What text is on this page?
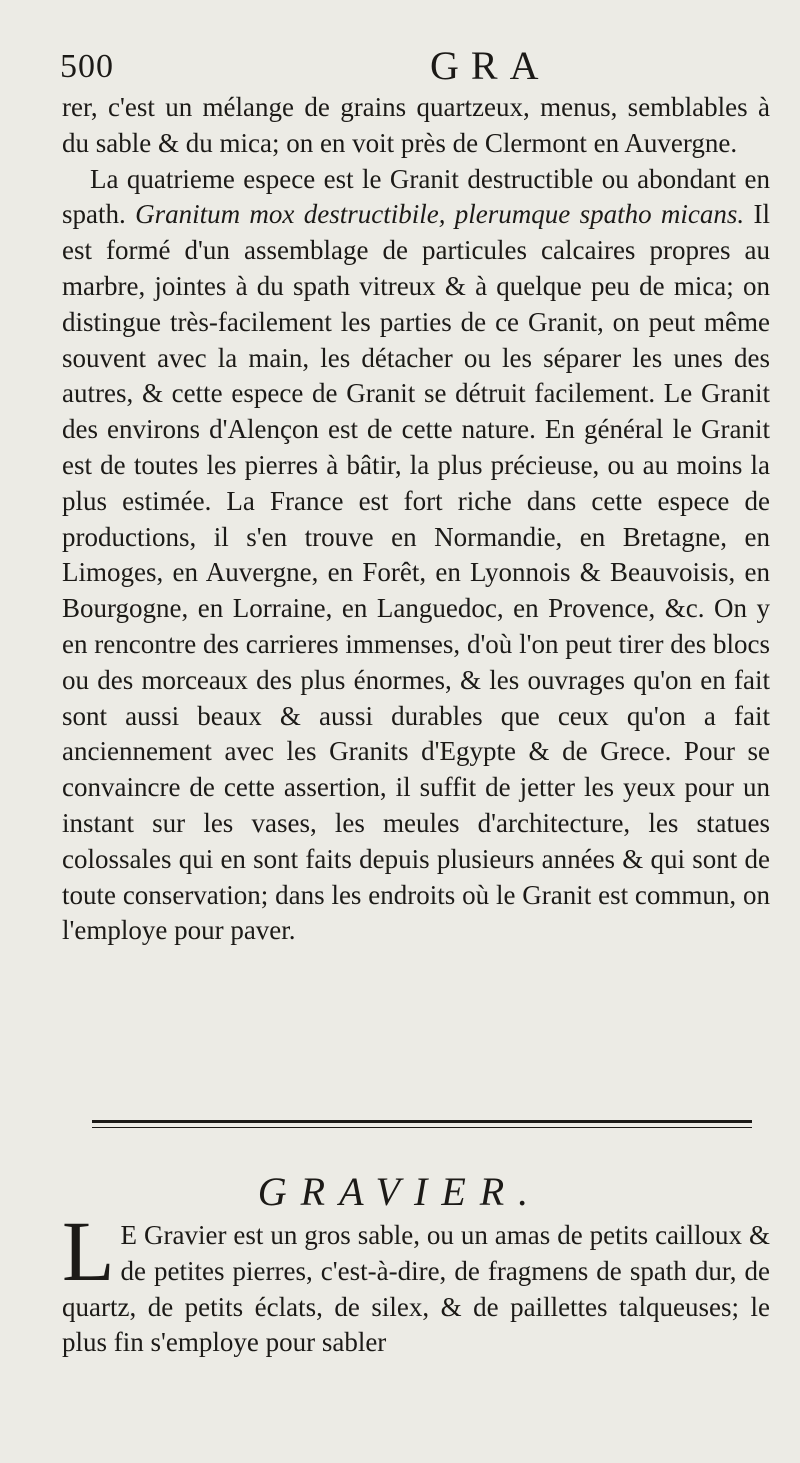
500	GRA

rer, c'est un mélange de grains quartzeux, menus, semblables à du sable & du mica; on en voit près de Clermont en Auvergne.

La quatrieme espece est le Granit destructible ou abondant en spath. Granitum mox destructibile, plerumque spatho micans. Il est formé d'un assemblage de particules calcaires propres au marbre, jointes à du spath vitreux & à quelque peu de mica; on distingue très-facilement les parties de ce Granit, on peut même souvent avec la main, les détacher ou les séparer les unes des autres, & cette espece de Granit se détruit facilement. Le Granit des environs d'Alençon est de cette nature. En général le Granit est de toutes les pierres à bâtir, la plus précieuse, ou au moins la plus estimée. La France est fort riche dans cette espece de productions, il s'en trouve en Normandie, en Bretagne, en Limoges, en Auvergne, en Forêt, en Lyonnois & Beauvoisis, en Bourgogne, en Lorraine, en Languedoc, en Provence, &c. On y en rencontre des carrieres immenses, d'où l'on peut tirer des blocs ou des morceaux des plus énormes, & les ouvrages qu'on en fait sont aussi beaux & aussi durables que ceux qu'on a fait anciennement avec les Granits d'Egypte & de Grece. Pour se convaincre de cette assertion, il suffit de jetter les yeux pour un instant sur les vases, les meules d'architecture, les statues colossales qui en sont faits depuis plusieurs années & qui sont de toute conservation; dans les endroits où le Granit est commun, on l'employe pour paver.

GRAVIER.

L E Gravier est un gros sable, ou un amas de petits cailloux & de petites pierres, c'est-à-dire, de fragmens de spath dur, de quartz, de petits éclats, de silex, & de paillettes talqueuses; le plus fin s'employe pour sabler
